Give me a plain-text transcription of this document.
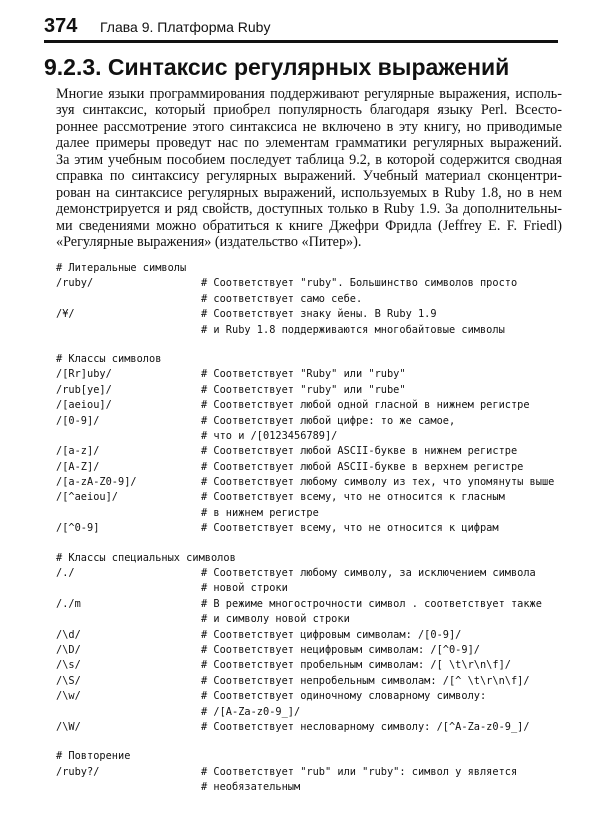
374 Глава 9. Платформа Ruby
9.2.3. Синтаксис регулярных выражений
Многие языки программирования поддерживают регулярные выражения, исполь-
зуя синтаксис, который приобрел популярность благодаря языку Perl. Всесто-
роннее рассмотрение этого синтаксиса не включено в эту книгу, но приводимые
далее примеры проведут нас по элементам грамматики регулярных выражений.
За этим учебным пособием последует таблица 9.2, в которой содержится сводная
справка по синтаксису регулярных выражений. Учебный материал сконцентри-
рован на синтаксисе регулярных выражений, используемых в Ruby 1.8, но в нем
демонстрируется и ряд свойств, доступных только в Ruby 1.9. За дополнительны-
ми сведениями можно обратиться к книге Джефри Фридла (Jeffrey E. F. Friedl)
«Регулярные выражения» (издательство «Питер»).
# Литеральные символы
/ruby/	# Соответствует "ruby". Большинство символов просто
# соответствует само себе.
/¥/	# Соответствует знаку йены. В Ruby 1.9
# и Ruby 1.8 поддерживаются многобайтовые символы
# Классы символов
/[Rr]uby/	# Соответствует "Ruby" или "ruby"
/rub[ye]/	# Соответствует "ruby" или "rube"
/[aeiou]/	# Соответствует любой одной гласной в нижнем регистре
/[0-9]/	# Соответствует любой цифре: то же самое,
# что и /[0123456789]/
/[a-z]/	# Соответствует любой ASCII-букве в нижнем регистре
/[A-Z]/	# Соответствует любой ASCII-букве в верхнем регистре
/[a-zA-Z0-9]/	# Соответствует любому символу из тех, что упомянуты выше
/[^aeiou]/	# Соответствует всему, что не относится к гласным
# в нижнем регистре
/[^0-9]	# Соответствует всему, что не относится к цифрам
# Классы специальных символов
/./	# Соответствует любому символу, за исключением символа
# новой строки
/./m	# В режиме многострочности символ . соответствует также
# и символу новой строки
/\d/	# Соответствует цифровым символам: /[0-9]/
/\D/	# Соответствует нецифровым символам: /[^0-9]/
/\s/	# Соответствует пробельным символам: /[ \t\r\n\f]/
/\S/	# Соответствует непробельным символам: /[^ \t\r\n\f]/
/\w/	# Соответствует одиночному словарному символу:
# /[A-Za-z0-9_]/
/\W/	# Соответствует несловарному символу: /[^A-Za-z0-9_]/
# Повторение
/ruby?/	# Соответствует "rub" или "ruby": символ y является
# необязательным
